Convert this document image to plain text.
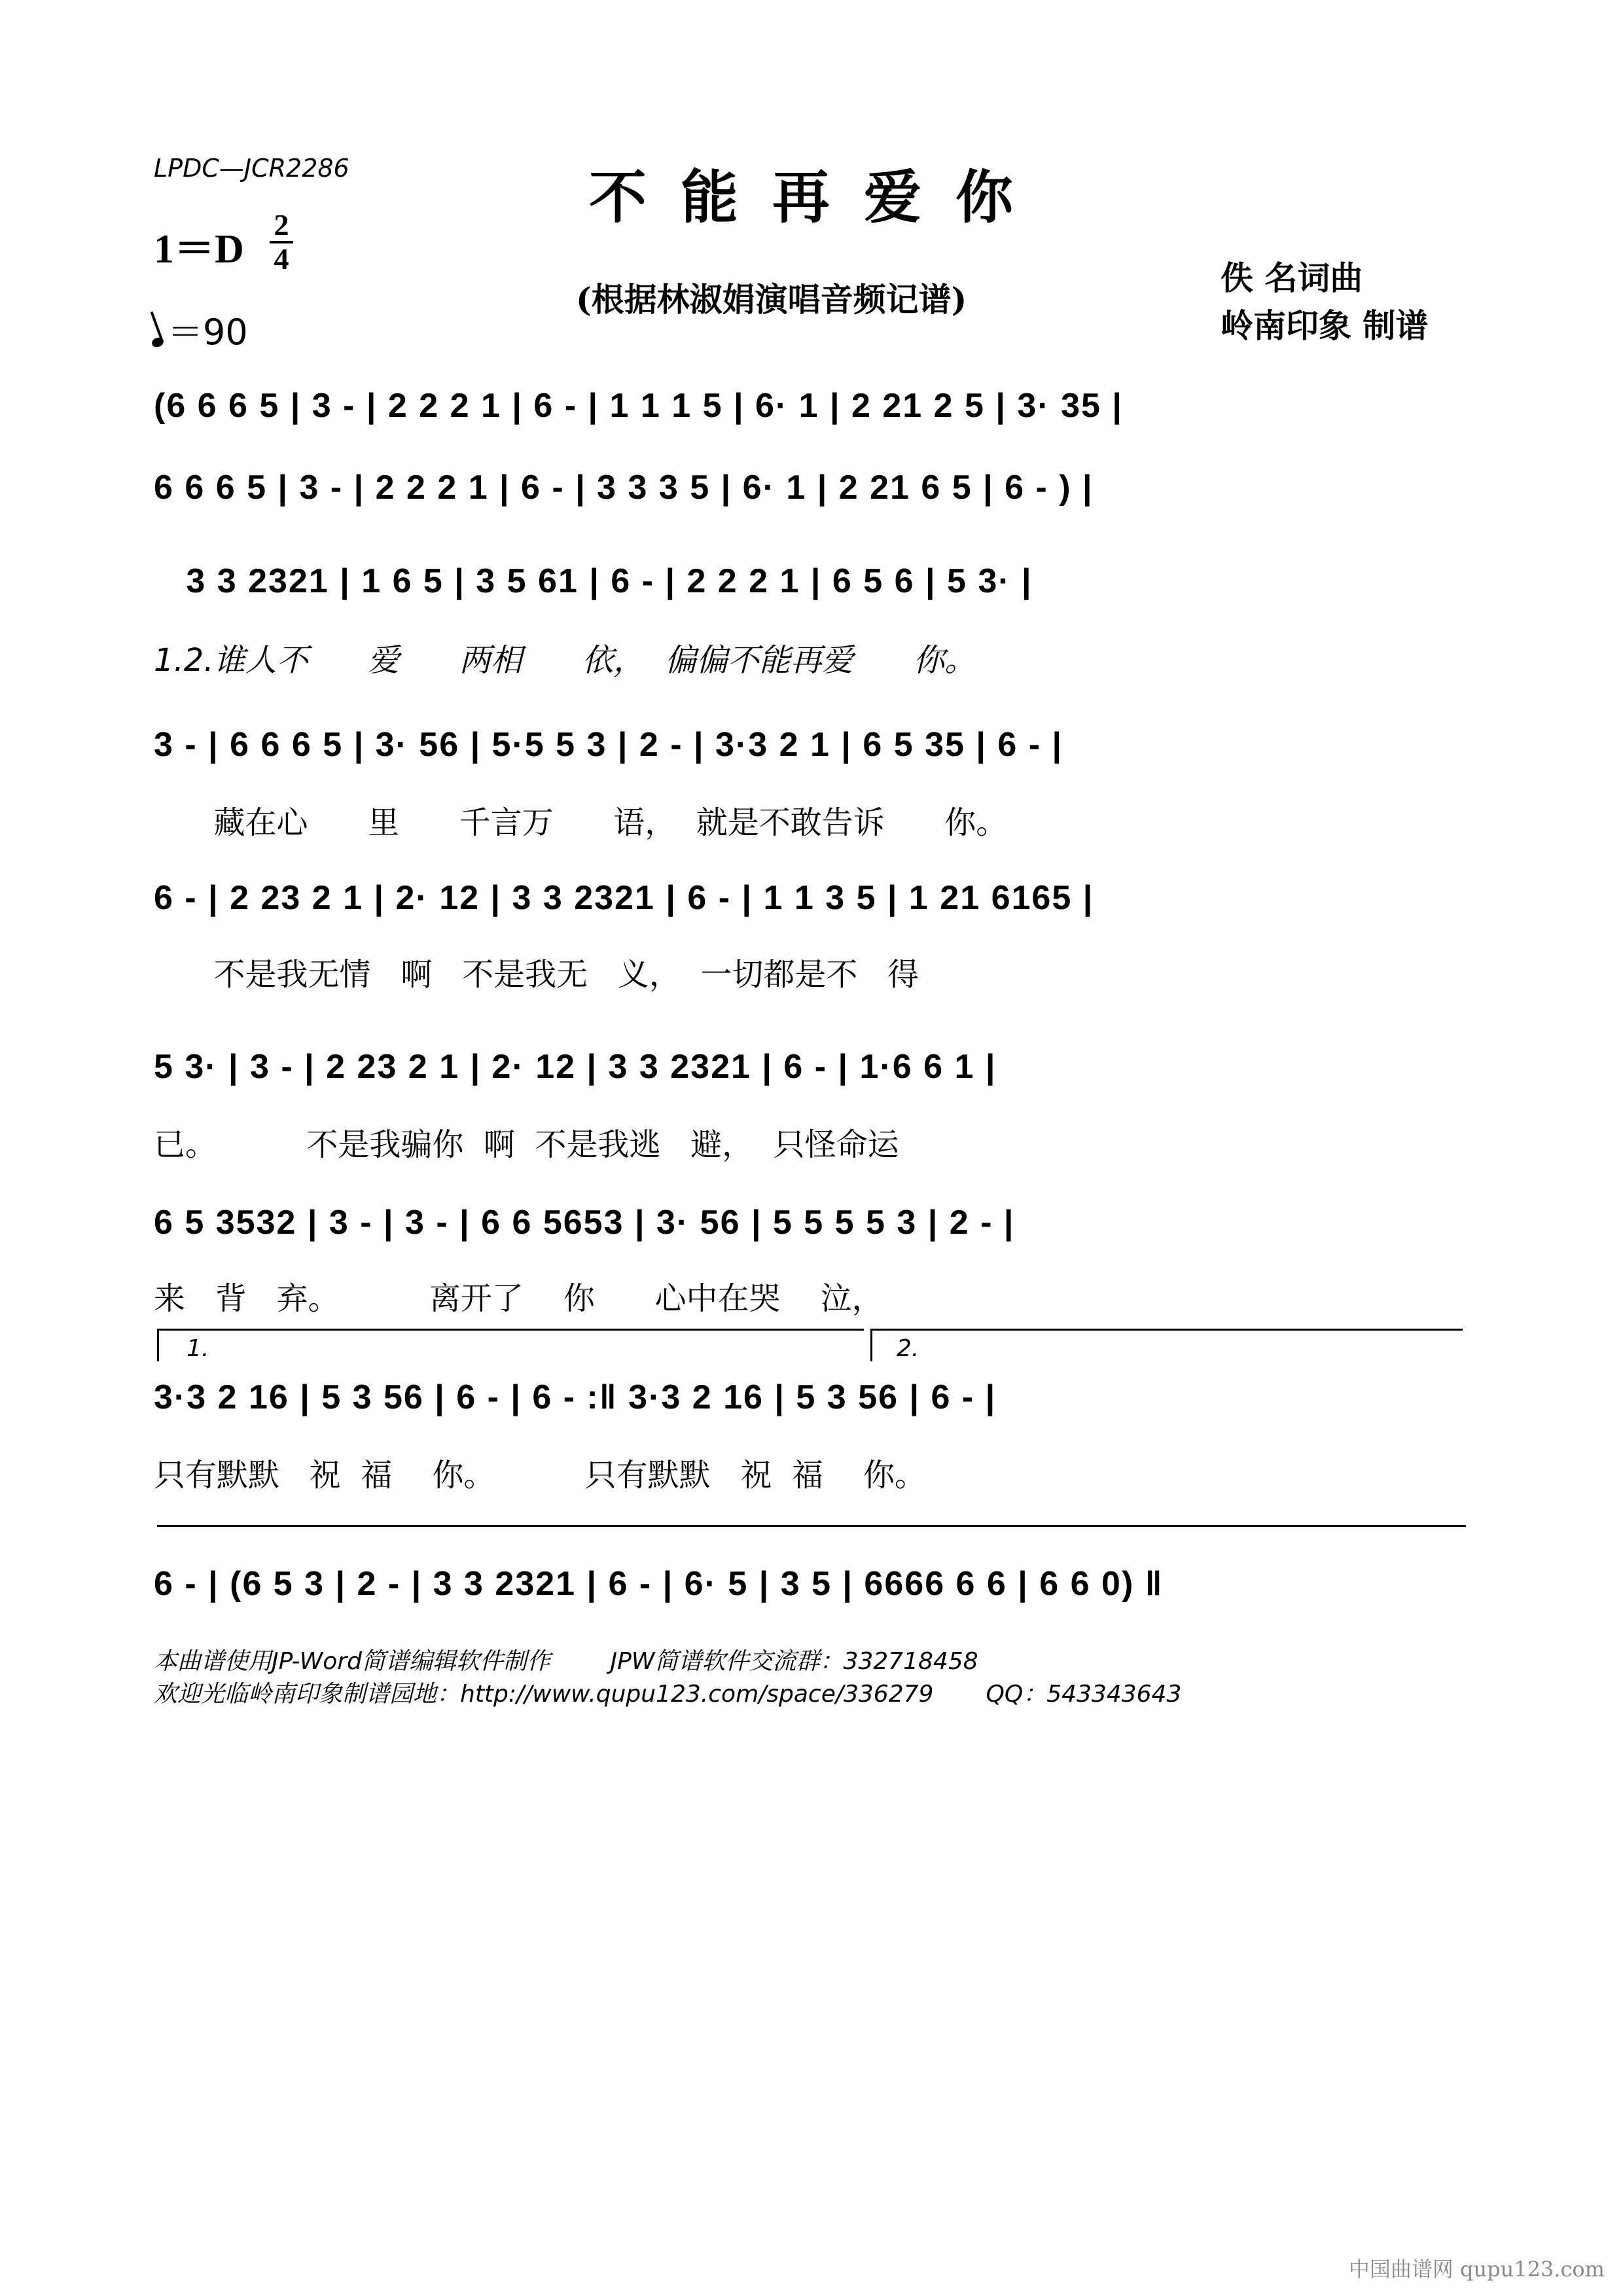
LPDC—JCR2286	不能再爱你
1＝D
2
4
＝90
(根据林淑娟演唱音频记谱)
佚 名词曲
岭南印象 制谱
(6 6 6 5 | 3 - | 2 2 2 1 | 6 - | 1 1 1 5 | 6· 1 | 2 21 2 5 | 3· 35 |
6 6 6 5 | 3 - | 2 2 2 1 | 6 - | 3 3 3 5 | 6· 1 | 2 21 6 5 | 6 - ) |
3 3 2321 | 1 6 5 | 3 5 61 | 6 - | 2 2 2 1 | 6 5 6 | 5 3· |
1.2.谁人不      爱      两相      依，  偏偏不能再爱      你。
3 - | 6 6 6 5 | 3· 56 | 5·5 5 3 | 2 - | 3·3 2 1 | 6 5 35 | 6 - |
藏在心      里      千言万      语，  就是不敢告诉      你。
6 - | 2 23 2 1 | 2· 12 | 3 3 2321 | 6 - | 1 1 3 5 | 1 21 6165 |
不是我无情   啊   不是我无   义，  一切都是不   得
5 3· | 3 - | 2 23 2 1 | 2· 12 | 3 3 2321 | 6 - | 1·6 6 1 |
已。         不是我骗你  啊  不是我逃   避，  只怪命运
6 5 3532 | 3 - | 3 - | 6 6 5653 | 3· 56 | 5 5 5 5 3 | 2 - |
来   背   弃。         离开了    你      心中在哭    泣，
1.	2.
3·3 2 16 | 5 3 56 | 6 - | 6 - :‖ 3·3 2 16 | 5 3 56 | 6 - |
只有默默   祝  福    你。         只有默默   祝  福    你。
6 - | (6 5 3 | 2 - | 3 3 2321 | 6 - | 6· 5 | 3 5 | 6666 6 6 | 6 6 0) ‖
本曲谱使用JP-Word简谱编辑软件制作        JPW简谱软件交流群：332718458
欢迎光临岭南印象制谱园地：http://www.qupu123.com/space/336279       QQ：543343643
中国曲谱网 qupu123.com
